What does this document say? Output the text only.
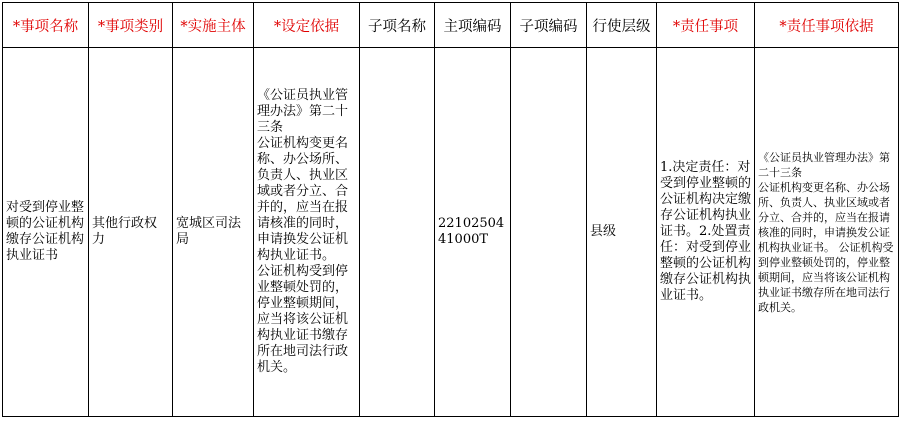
*事项名称	*事项类别	*实施主体	*设定依据	子项名称	主项编码	子项编码	行使层级	*责任事项	*责任事项依据
对受到停业整顿的公证机构缴存公证机构执业证书	其他行政权力	宽城区司法局	《公证员执业管理办法》第二十三条
公证机构变更名称、办公场所、负责人、执业区域或者分立、合并的，应当在报请核准的同时，申请换发公证机构执业证书。
公证机构受到停业整顿处罚的，停业整顿期间，应当将该公证机构执业证书缴存所在地司法行政机关。		2210250441000T		县级	1.决定责任：对受到停业整顿的公证机构决定缴存公证机构执业证书。2.处置责任：对受到停业整顿的公证机构缴存公证机构执业证书。	《公证员执业管理办法》第二十三条
公证机构变更名称、办公场所、负责人、执业区域或者分立、合并的，应当在报请核准的同时，申请换发公证机构执业证书。 公证机构受到停业整顿处罚的，停业整顿期间，应当将该公证机构执业证书缴存所在地司法行政机关。
